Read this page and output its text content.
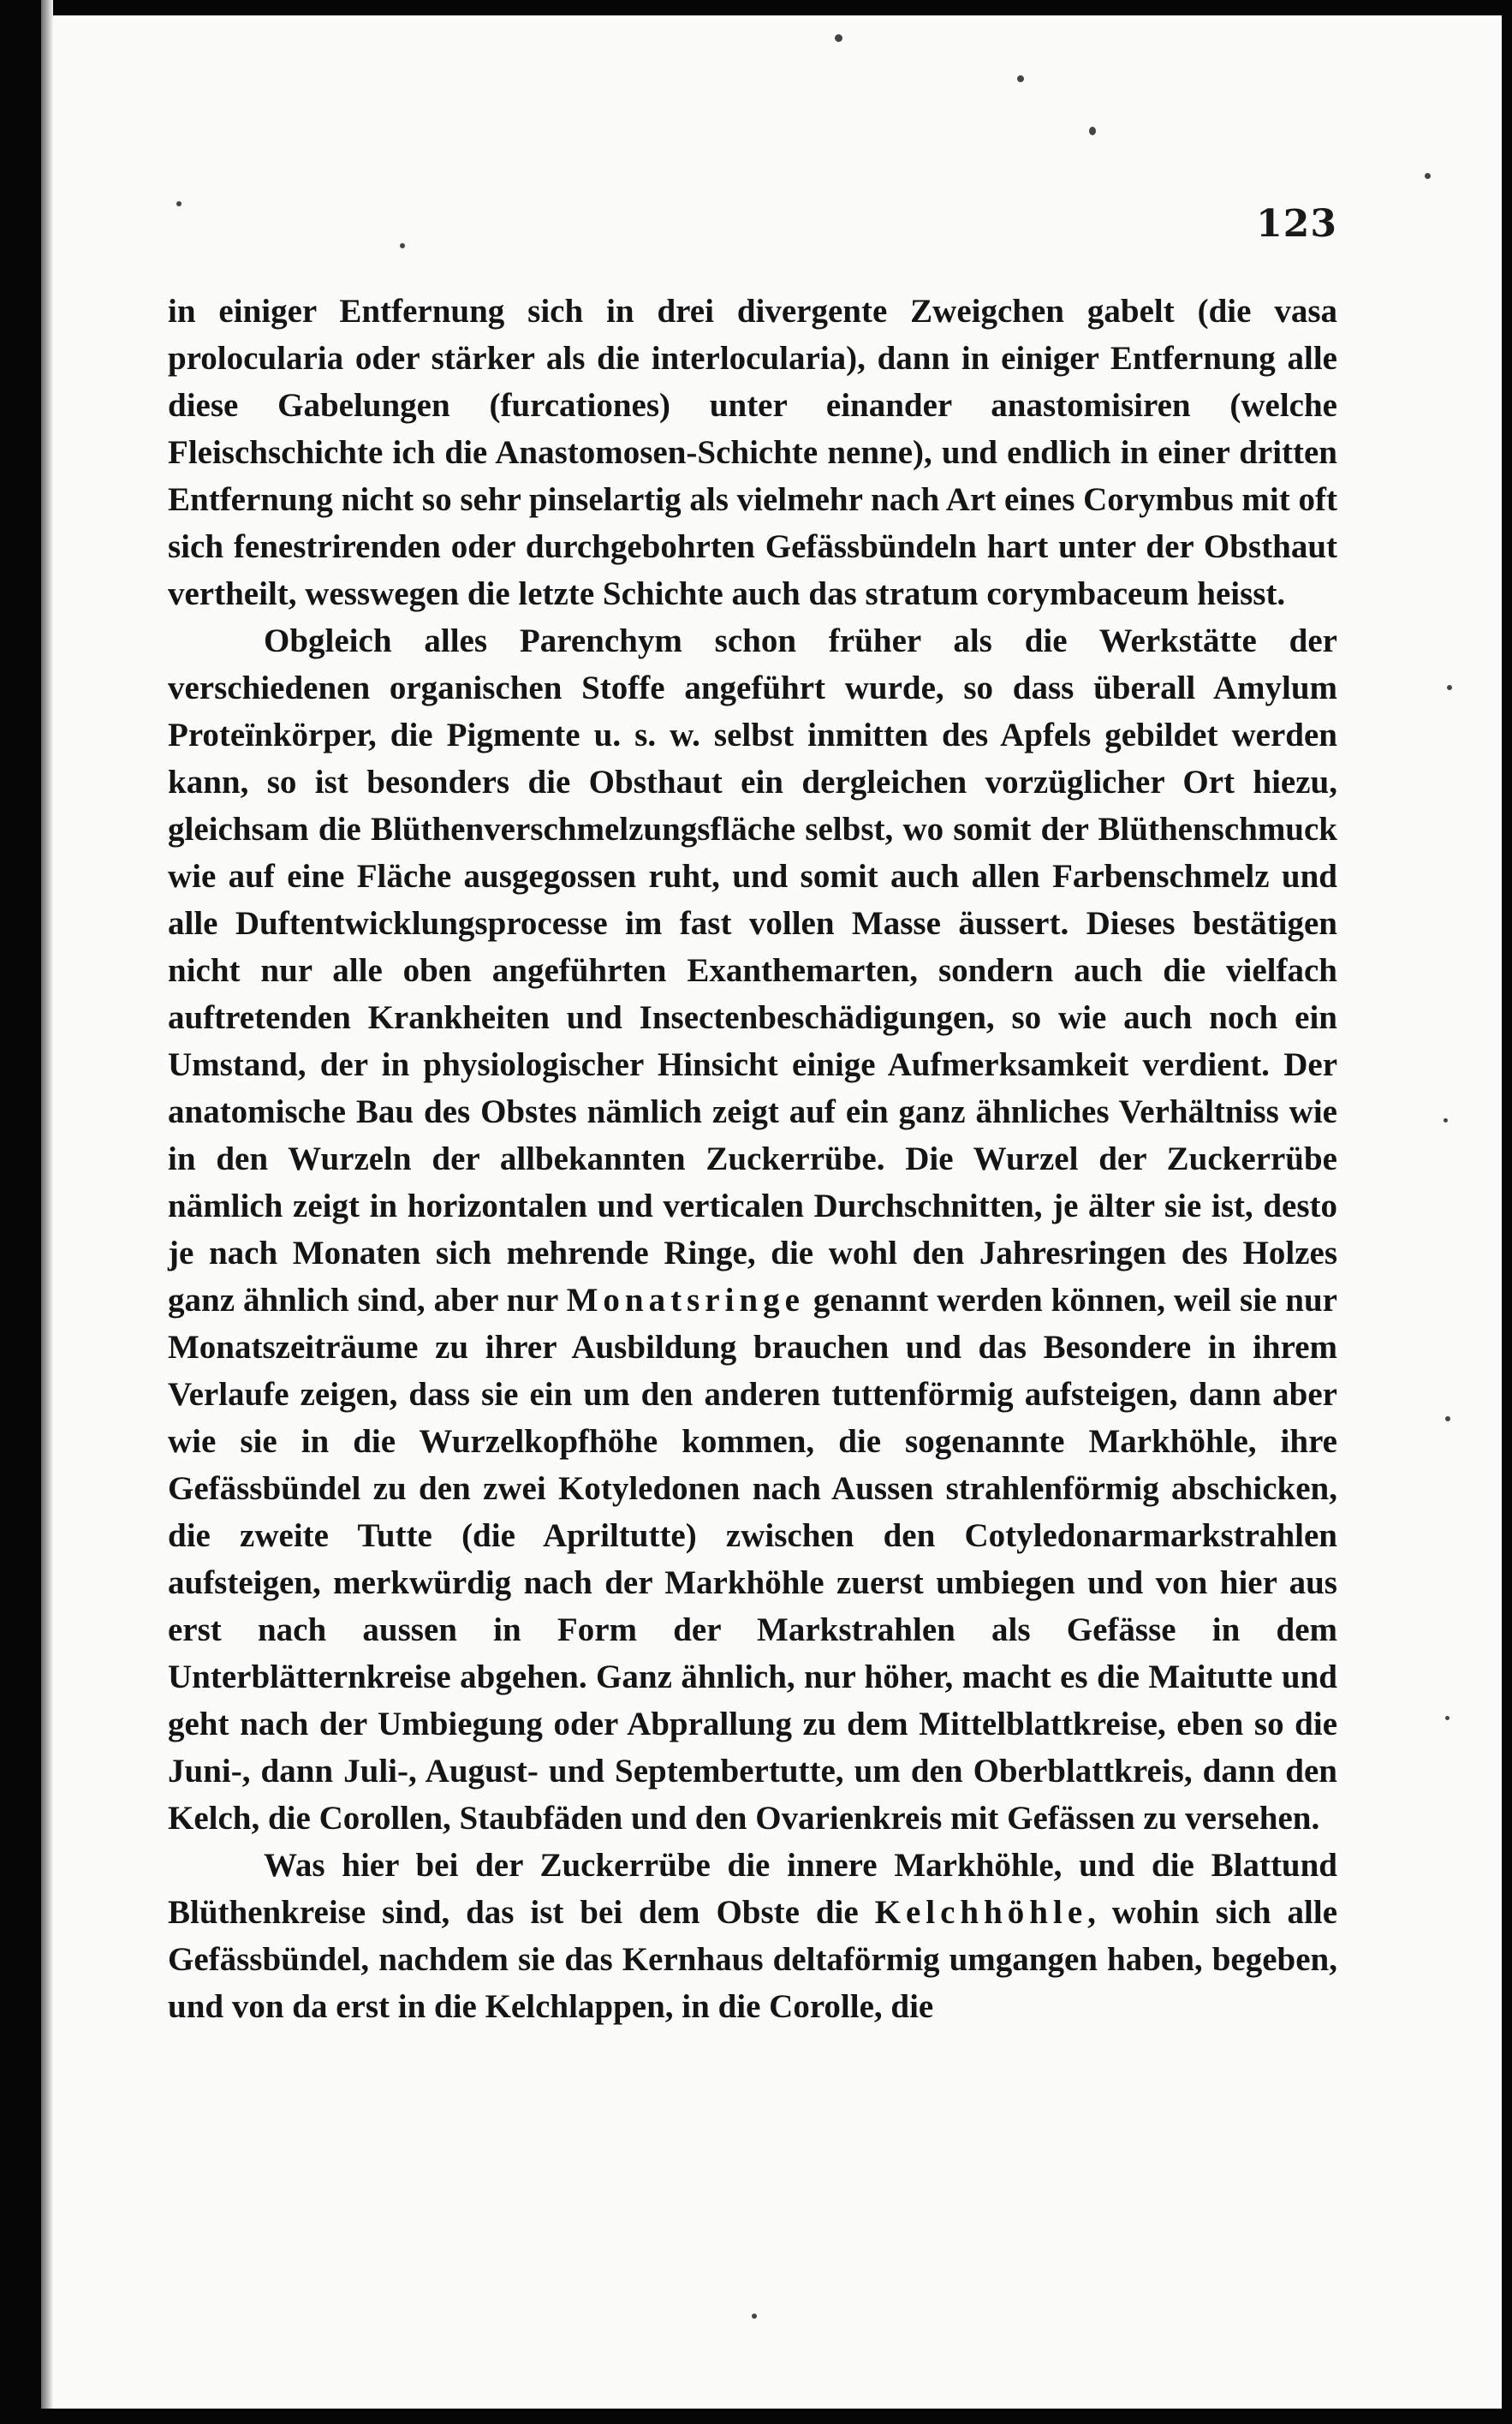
123

in einiger Entfernung sich in drei divergente Zweigchen gabelt (die vasa prolocularia oder stärker als die interlocularia), dann in einiger Entfernung alle diese Gabelungen (furcationes) unter einander anastomisiren (welche Fleischschichte ich die Anastomosen-Schichte nenne), und endlich in einer dritten Entfernung nicht so sehr pinselartig als vielmehr nach Art eines Corymbus mit oft sich fenestrirenden oder durchgebohrten Gefässbündeln hart unter der Obsthaut vertheilt, wesswegen die letzte Schichte auch das stratum corymbaceum heisst.

Obgleich alles Parenchym schon früher als die Werkstätte der verschiedenen organischen Stoffe angeführt wurde, so dass überall Amylum Proteïnkörper, die Pigmente u. s. w. selbst inmitten des Apfels gebildet werden kann, so ist besonders die Obsthaut ein dergleichen vorzüglicher Ort hiezu, gleichsam die Blüthenverschmelzungsfläche selbst, wo somit der Blüthenschmuck wie auf eine Fläche ausgegossen ruht, und somit auch allen Farbenschmelz und alle Duftentwicklungsprocesse im fast vollen Masse äussert. Dieses bestätigen nicht nur alle oben angeführten Exanthemarten, sondern auch die vielfach auftretenden Krankheiten und Insectenbeschädigungen, so wie auch noch ein Umstand, der in physiologischer Hinsicht einige Aufmerksamkeit verdient. Der anatomische Bau des Obstes nämlich zeigt auf ein ganz ähnliches Verhältniss wie in den Wurzeln der allbekannten Zuckerrübe. Die Wurzel der Zuckerrübe nämlich zeigt in horizontalen und verticalen Durchschnitten, je älter sie ist, desto je nach Monaten sich mehrende Ringe, die wohl den Jahresringen des Holzes ganz ähnlich sind, aber nur Monatsringe genannt werden können, weil sie nur Monatszeiträume zu ihrer Ausbildung brauchen und das Besondere in ihrem Verlaufe zeigen, dass sie ein um den anderen tuttenförmig aufsteigen, dann aber wie sie in die Wurzelkopfhöhe kommen, die sogenannte Markhöhle, ihre Gefässbündel zu den zwei Kotyledonen nach Aussen strahlenförmig abschicken, die zweite Tutte (die Apriltutte) zwischen den Cotyledonarmarkstrahlen aufsteigen, merkwürdig nach der Markhöhle zuerst umbiegen und von hier aus erst nach aussen in Form der Markstrahlen als Gefässe in dem Unterblätternkreise abgehen. Ganz ähnlich, nur höher, macht es die Maitutte und geht nach der Umbiegung oder Abprallung zu dem Mittelblattkreise, eben so die Juni-, dann Juli-, August- und Septembertutte, um den Oberblattkreis, dann den Kelch, die Corollen, Staubfäden und den Ovarienkreis mit Gefässen zu versehen.

Was hier bei der Zuckerrübe die innere Markhöhle, und die Blattund Blüthenkreise sind, das ist bei dem Obste die Kelchhöhle, wohin sich alle Gefässbündel, nachdem sie das Kernhaus deltaförmig umgangen haben, begeben, und von da erst in die Kelchlappen, in die Corolle, die
